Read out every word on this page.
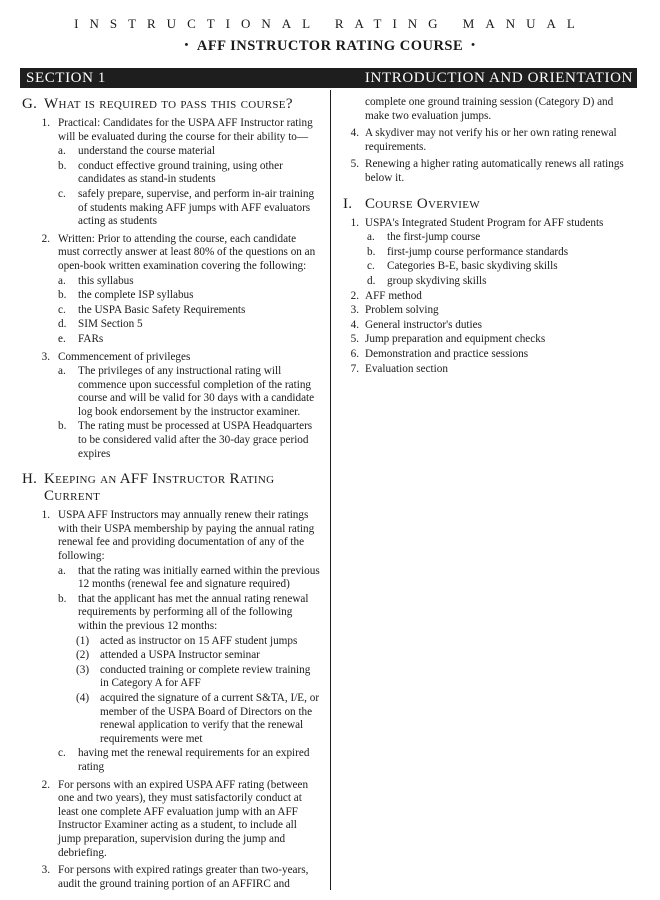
INSTRUCTIONAL RATING MANUAL
• AFF INSTRUCTOR RATING COURSE •
SECTION 1	INTRODUCTION AND ORIENTATION
G. What is required to pass this course?
1. Practical: Candidates for the USPA AFF Instructor rating will be evaluated during the course for their ability to—
a. understand the course material
b. conduct effective ground training, using other candidates as stand-in students
c. safely prepare, supervise, and perform in-air training of students making AFF jumps with AFF evaluators acting as students
2. Written: Prior to attending the course, each candidate must correctly answer at least 80% of the questions on an open-book written examination covering the following:
a. this syllabus
b. the complete ISP syllabus
c. the USPA Basic Safety Requirements
d. SIM Section 5
e. FARs
3. Commencement of privileges
a. The privileges of any instructional rating will commence upon successful completion of the rating course and will be valid for 30 days with a candidate log book endorsement by the instructor examiner.
b. The rating must be processed at USPA Headquarters to be considered valid after the 30-day grace period expires
H. Keeping an AFF Instructor Rating Current
1. USPA AFF Instructors may annually renew their ratings with their USPA membership by paying the annual rating renewal fee and providing documentation of any of the following:
a. that the rating was initially earned within the previous 12 months (renewal fee and signature required)
b. that the applicant has met the annual rating renewal requirements by performing all of the following within the previous 12 months:
(1) acted as instructor on 15 AFF student jumps
(2) attended a USPA Instructor seminar
(3) conducted training or complete review training in Category A for AFF
(4) acquired the signature of a current S&TA, I/E, or member of the USPA Board of Directors on the renewal application to verify that the renewal requirements were met
c. having met the renewal requirements for an expired rating
2. For persons with an expired USPA AFF rating (between one and two years), they must satisfactorily conduct at least one complete AFF evaluation jump with an AFF Instructor Examiner acting as a student, to include all jump preparation, supervision during the jump and debriefing.
3. For persons with expired ratings greater than two-years, audit the ground training portion of an AFFIRC and
complete one ground training session (Category D) and make two evaluation jumps.
4. A skydiver may not verify his or her own rating renewal requirements.
5. Renewing a higher rating automatically renews all ratings below it.
I. Course Overview
1. USPA's Integrated Student Program for AFF students
a. the first-jump course
b. first-jump course performance standards
c. Categories B-E, basic skydiving skills
d. group skydiving skills
2. AFF method
3. Problem solving
4. General instructor's duties
5. Jump preparation and equipment checks
6. Demonstration and practice sessions
7. Evaluation section
